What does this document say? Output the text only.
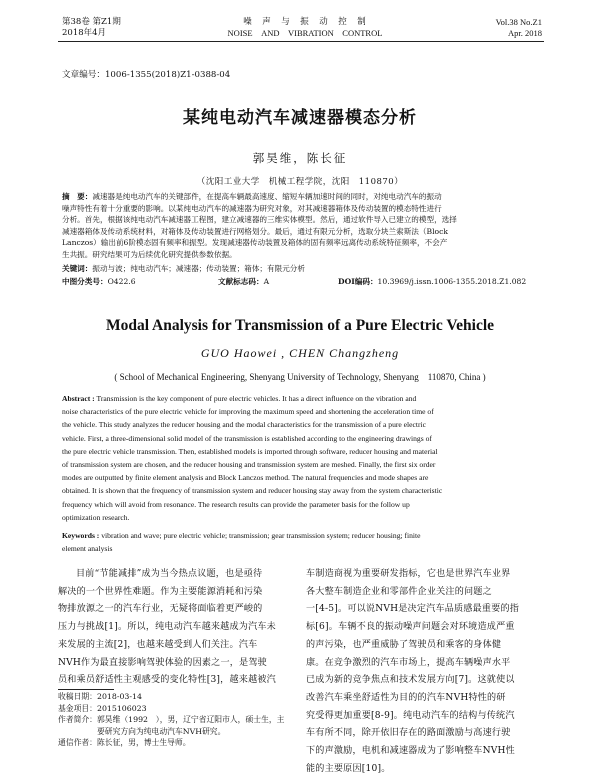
第38卷 第Z1期
2018年4月
噪　声　与　振　动　控　制
NOISE　AND　VIBRATION　CONTROL
Vol.38 No.Z1
Apr. 2018
文章编号：1006-1355(2018)Z1-0388-04
某纯电动汽车减速器模态分析
郭昊维，陈长征
（沈阳工业大学　机械工程学院，沈阳　110870）
摘　要：减速器是纯电动汽车的关键部件，在提高车辆最高速度、缩短车辆加速时间的同时，对纯电动汽车的振动
噪声特性有着十分重要的影响。以某纯电动汽车的减速器为研究对象，对其减速器箱体及传动装置的模态特性进行
分析。首先，根据该纯电动汽车减速器工程图，建立减速器的三维实体模型。然后，通过软件导入已建立的模型，选择
减速器箱体及传动系统材料，对箱体及传动装置进行网格划分。最后，通过有限元分析，选取分块兰索斯法（Block
Lanczos）输出前6阶模态固有频率和振型。发现减速器传动装置及箱体的固有频率远离传动系统特征频率，不会产
生共振。研究结果可为后续优化研究提供参数依据。
关键词：振动与波；纯电动汽车；减速器；传动装置；箱体；有限元分析
中图分类号：O422.6	文献标志码：A	DOI编码：10.3969/j.issn.1006-1355.2018.Z1.082
Modal Analysis for Transmission of a Pure Electric Vehicle
GUO Haowei , CHEN Changzheng
( School of Mechanical Engineering, Shenyang University of Technology, Shenyang　110870, China )
Abstract : Transmission is the key component of pure electric vehicles. It has a direct influence on the vibration and
noise characteristics of the pure electric vehicle for improving the maximum speed and shortening the acceleration time of
the vehicle. This study analyzes the reducer housing and the modal characteristics for the transmission of a pure electric
vehicle. First, a three-dimensional solid model of the transmission is established according to the engineering drawings of
the pure electric vehicle transmission. Then, established models is imported through software, reducer housing and material
of transmission system are chosen, and the reducer housing and transmission system are meshed. Finally, the first six order
modes are outputted by finite element analysis and Block Lanczos method. The natural frequencies and mode shapes are
obtained. It is shown that the frequency of transmission system and reducer housing stay away from the system characteristic
frequency which will avoid from resonance. The research results can provide the parameter basis for the follow up
optimization research.
Keywords : vibration and wave; pure electric vehicle; transmission; gear transmission system; reducer housing; finite
element analysis
目前“节能减排”成为当今热点议题，也是亟待
解决的一个世界性难题。作为主要能源消耗和污染
物排放源之一的汽车行业，无疑将面临着更严峻的
压力与挑战[1]。所以，纯电动汽车越来越成为汽车未
来发展的主流[2]，也越来越受到人们关注。汽车
NVH作为最直接影响驾驶体验的因素之一，是驾驶
员和乘员舒适性主观感受的变化特性[3]，越来越被汽
收稿日期：2018-03-14
基金项目：2015106023
作者简介：郭昊维（1992　），男，辽宁省辽阳市人，硕士生，主
　　　　　要研究方向为纯电动汽车NVH研究。
通信作者：陈长征，男，博士生导师。
车制造商视为重要研发指标，它也是世界汽车业界
各大整车制造企业和零部件企业关注的问题之
一[4-5]。可以说NVH是决定汽车品质感最重要的指
标[6]。车辆不良的振动噪声问题会对环境造成严重
的声污染，也严重威胁了驾驶员和乘客的身体健
康。在竞争激烈的汽车市场上，提高车辆噪声水平
已成为新的竞争焦点和技术发展方向[7]。这就使以
改善汽车乘坐舒适性为目的的汽车NVH特性的研
究受得更加重要[8-9]。纯电动汽车的结构与传统汽
车有所不同，除开依旧存在的路面激励与高速行驶
下的声激励，电机和减速器成为了影响整车NVH性
能的主要原因[10]。
